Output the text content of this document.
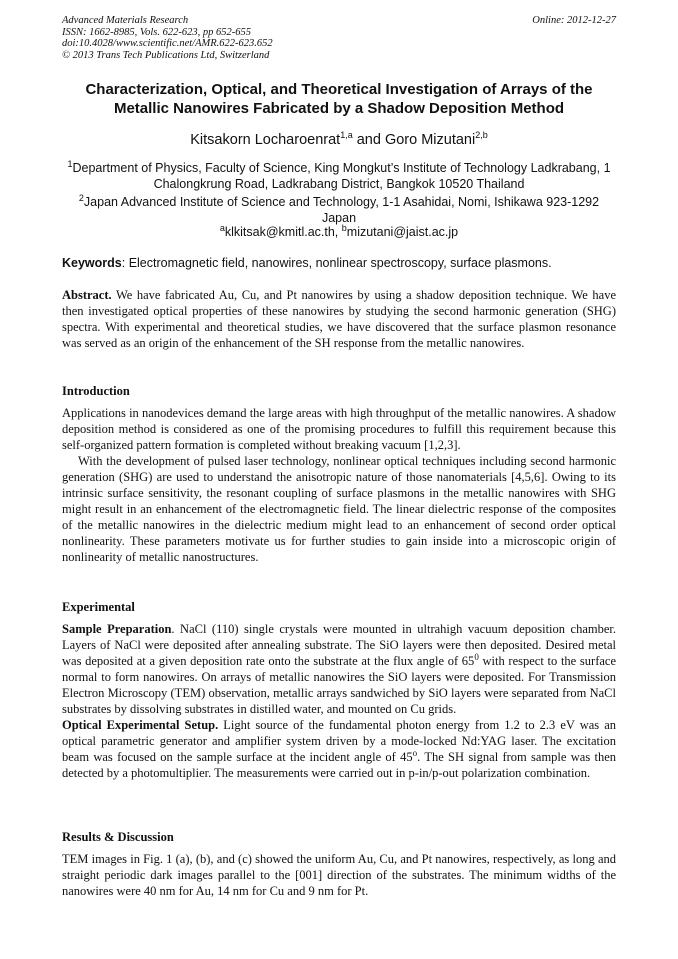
Advanced Materials Research
ISSN: 1662-8985, Vols. 622-623, pp 652-655
doi:10.4028/www.scientific.net/AMR.622-623.652
© 2013 Trans Tech Publications Ltd, Switzerland
Online: 2012-12-27
Characterization, Optical, and Theoretical Investigation of Arrays of the
Metallic Nanowires Fabricated by a Shadow Deposition Method
Kitsakorn Locharoenrat$^{1,a}$ and Goro Mizutani$^{2,b}$
$^1$Department of Physics, Faculty of Science, King Mongkut’s Institute of Technology Ladkrabang, 1 Chalongkrung Road, Ladkrabang District, Bangkok 10520 Thailand
$^2$Japan Advanced Institute of Science and Technology, 1-1 Asahidai, Nomi, Ishikawa 923-1292 Japan
$^a$klkitsak@kmitl.ac.th, $^b$mizutani@jaist.ac.jp
Keywords: Electromagnetic field, nanowires, nonlinear spectroscopy, surface plasmons.

Abstract. We have fabricated Au, Cu, and Pt nanowires by using a shadow deposition technique. We have then investigated optical properties of these nanowires by studying the second harmonic generation (SHG) spectra. With experimental and theoretical studies, we have discovered that the surface plasmon resonance was served as an origin of the enhancement of the SH response from the metallic nanowires.

Introduction

Applications in nanodevices demand the large areas with high throughput of the metallic nanowires. A shadow deposition method is considered as one of the promising procedures to fulfill this requirement because this self-organized pattern formation is completed without breaking vacuum [1,2,3].

With the development of pulsed laser technology, nonlinear optical techniques including second harmonic generation (SHG) are used to understand the anisotropic nature of those nanomaterials [4,5,6]. Owing to its intrinsic surface sensitivity, the resonant coupling of surface plasmons in the metallic nanowires with SHG might result in an enhancement of the electromagnetic field. The linear dielectric response of the composites of the metallic nanowires in the dielectric medium might lead to an enhancement of second order optical nonlinearity. These parameters motivate us for further studies to gain inside into a microscopic origin of nonlinearity of metallic nanostructures.

Experimental

Sample Preparation. NaCl (110) single crystals were mounted in ultrahigh vacuum deposition chamber. Layers of NaCl were deposited after annealing substrate. The SiO layers were then deposited. Desired metal was deposited at a given deposition rate onto the substrate at the flux angle of $65^0$ with respect to the surface normal to form nanowires. On arrays of metallic nanowires the SiO layers were deposited. For Transmission Electron Microscopy (TEM) observation, metallic arrays sandwiched by SiO layers were separated from NaCl substrates by dissolving substrates in distilled water, and mounted on Cu grids.

Optical Experimental Setup. Light source of the fundamental photon energy from 1.2 to 2.3 eV was an optical parametric generator and amplifier system driven by a mode-locked Nd:YAG laser. The excitation beam was focused on the sample surface at the incident angle of 45$^o$. The SH signal from sample was then detected by a photomultiplier. The measurements were carried out in p-in/p-out polarization combination.

Results & Discussion

TEM images in Fig. 1 (a), (b), and (c) showed the uniform Au, Cu, and Pt nanowires, respectively, as long and straight periodic dark images parallel to the [001] direction of the substrates. The minimum widths of the nanowires were 40 nm for Au, 14 nm for Cu and 9 nm for Pt.
